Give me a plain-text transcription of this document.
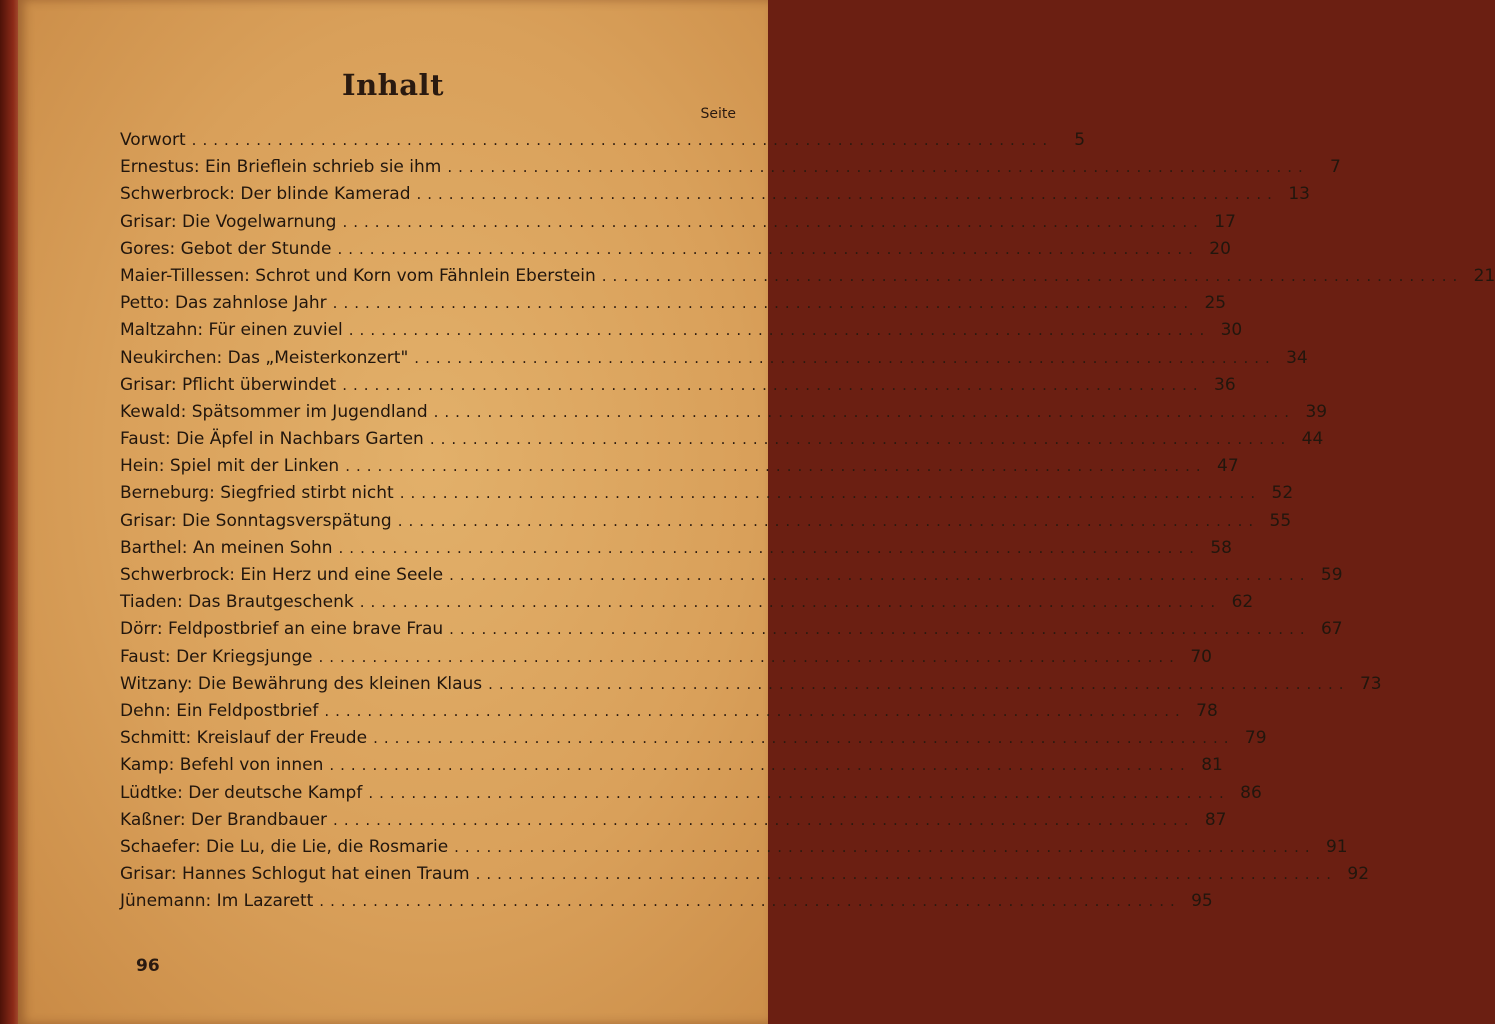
Inhalt
Seite
Vorwort ................................................................................	5
Ernestus: Ein Brieflein schrieb sie ihm ................................................................................	7
Schwerbrock: Der blinde Kamerad ................................................................................ 13
Grisar: Die Vogelwarnung ................................................................................ 17
Gores: Gebot der Stunde ................................................................................ 20
Maier-Tillessen: Schrot und Korn vom Fähnlein Eberstein ................................................................................ 21
Petto: Das zahnlose Jahr ................................................................................ 25
Maltzahn: Für einen zuviel ................................................................................ 30
Neukirchen: Das „Meisterkonzert" ................................................................................ 34
Grisar: Pflicht überwindet ................................................................................ 36
Kewald: Spätsommer im Jugendland ................................................................................ 39
Faust: Die Äpfel in Nachbars Garten ................................................................................ 44
Hein: Spiel mit der Linken ................................................................................ 47
Berneburg: Siegfried stirbt nicht ................................................................................ 52
Grisar: Die Sonntagsverspätung ................................................................................ 55
Barthel: An meinen Sohn ................................................................................ 58
Schwerbrock: Ein Herz und eine Seele ................................................................................ 59
Tiaden: Das Brautgeschenk ................................................................................ 62
Dörr: Feldpostbrief an eine brave Frau ................................................................................ 67
Faust: Der Kriegsjunge ................................................................................ 70
Witzany: Die Bewährung des kleinen Klaus ................................................................................ 73
Dehn: Ein Feldpostbrief ................................................................................ 78
Schmitt: Kreislauf der Freude ................................................................................ 79
Kamp: Befehl von innen ................................................................................ 81
Lüdtke: Der deutsche Kampf ................................................................................ 86
Kaßner: Der Brandbauer ................................................................................ 87
Schaefer: Die Lu, die Lie, die Rosmarie ................................................................................ 91
Grisar: Hannes Schlogut hat einen Traum ................................................................................ 92
Jünemann: Im Lazarett ................................................................................ 95
96
